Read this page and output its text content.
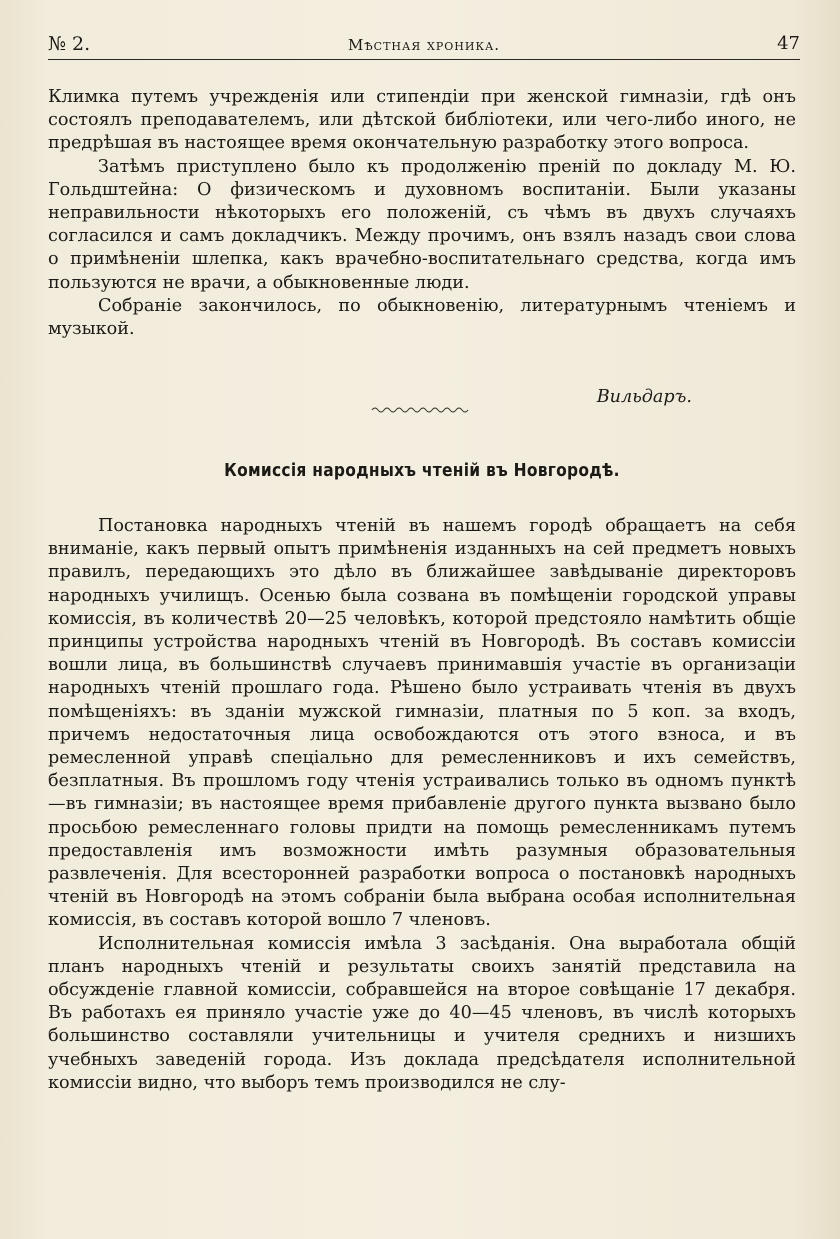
№ 2.	Мѣстная хроника.	47

Климка путемъ учрежденія или стипендіи при женской гимназіи, гдѣ онъ состоялъ преподавателемъ, или дѣтской библіотеки, или чего-либо иного, не предрѣшая въ настоящее время окончательную разработку этого вопроса.

Затѣмъ приступлено было къ продолженію преній по докладу М. Ю. Гольдштейна: О физическомъ и духовномъ воспитаніи. Были указаны неправильности нѣкоторыхъ его положеній, съ чѣмъ въ двухъ случаяхъ согласился и самъ докладчикъ. Между прочимъ, онъ взялъ назадъ свои слова о примѣненіи шлепка, какъ врачебно-воспитательнаго средства, когда имъ пользуются не врачи, а обыкновенные люди.

Собраніе закончилось, по обыкновенію, литературнымъ чтеніемъ и музыкой.

Вильдаръ.
Комиссія народныхъ чтеній въ Новгородѣ.

Постановка народныхъ чтеній въ нашемъ городѣ обращаетъ на себя вниманіе, какъ первый опытъ примѣненія изданныхъ на сей предметъ новыхъ правилъ, передающихъ это дѣло въ ближайшее завѣдываніе директоровъ народныхъ училищъ. Осенью была созвана въ помѣщеніи городской управы комиссія, въ количествѣ 20—25 человѣкъ, которой предстояло намѣтить общіе принципы устройства народныхъ чтеній въ Новгородѣ. Въ составъ комиссіи вошли лица, въ большинствѣ случаевъ принимавшія участіе въ организаціи народныхъ чтеній прошлаго года. Рѣшено было устраивать чтенія въ двухъ помѣщеніяхъ: въ зданіи мужской гимназіи, платныя по 5 коп. за входъ, причемъ недостаточныя лица освобождаются отъ этого взноса, и въ ремесленной управѣ спеціально для ремесленниковъ и ихъ семействъ, безплатныя. Въ прошломъ году чтенія устраивались только въ одномъ пунктѣ—въ гимназіи; въ настоящее время прибавленіе другого пункта вызвано было просьбою ремесленнаго головы придти на помощь ремесленникамъ путемъ предоставленія имъ возможности имѣть разумныя образовательныя развлеченія. Для всесторонней разработки вопроса о постановкѣ народныхъ чтеній въ Новгородѣ на этомъ собраніи была выбрана особая исполнительная комиссія, въ составъ которой вошло 7 членовъ.

Исполнительная комиссія имѣла 3 засѣданія. Она выработала общій планъ народныхъ чтеній и результаты своихъ занятій представила на обсужденіе главной комиссіи, собравшейся на второе совѣщаніе 17 декабря. Въ работахъ ея приняло участіе уже до 40—45 членовъ, въ числѣ которыхъ большинство составляли учительницы и учителя среднихъ и низшихъ учебныхъ заведеній города. Изъ доклада предсѣдателя исполнительной комиссіи видно, что выборъ темъ производился не слу-
